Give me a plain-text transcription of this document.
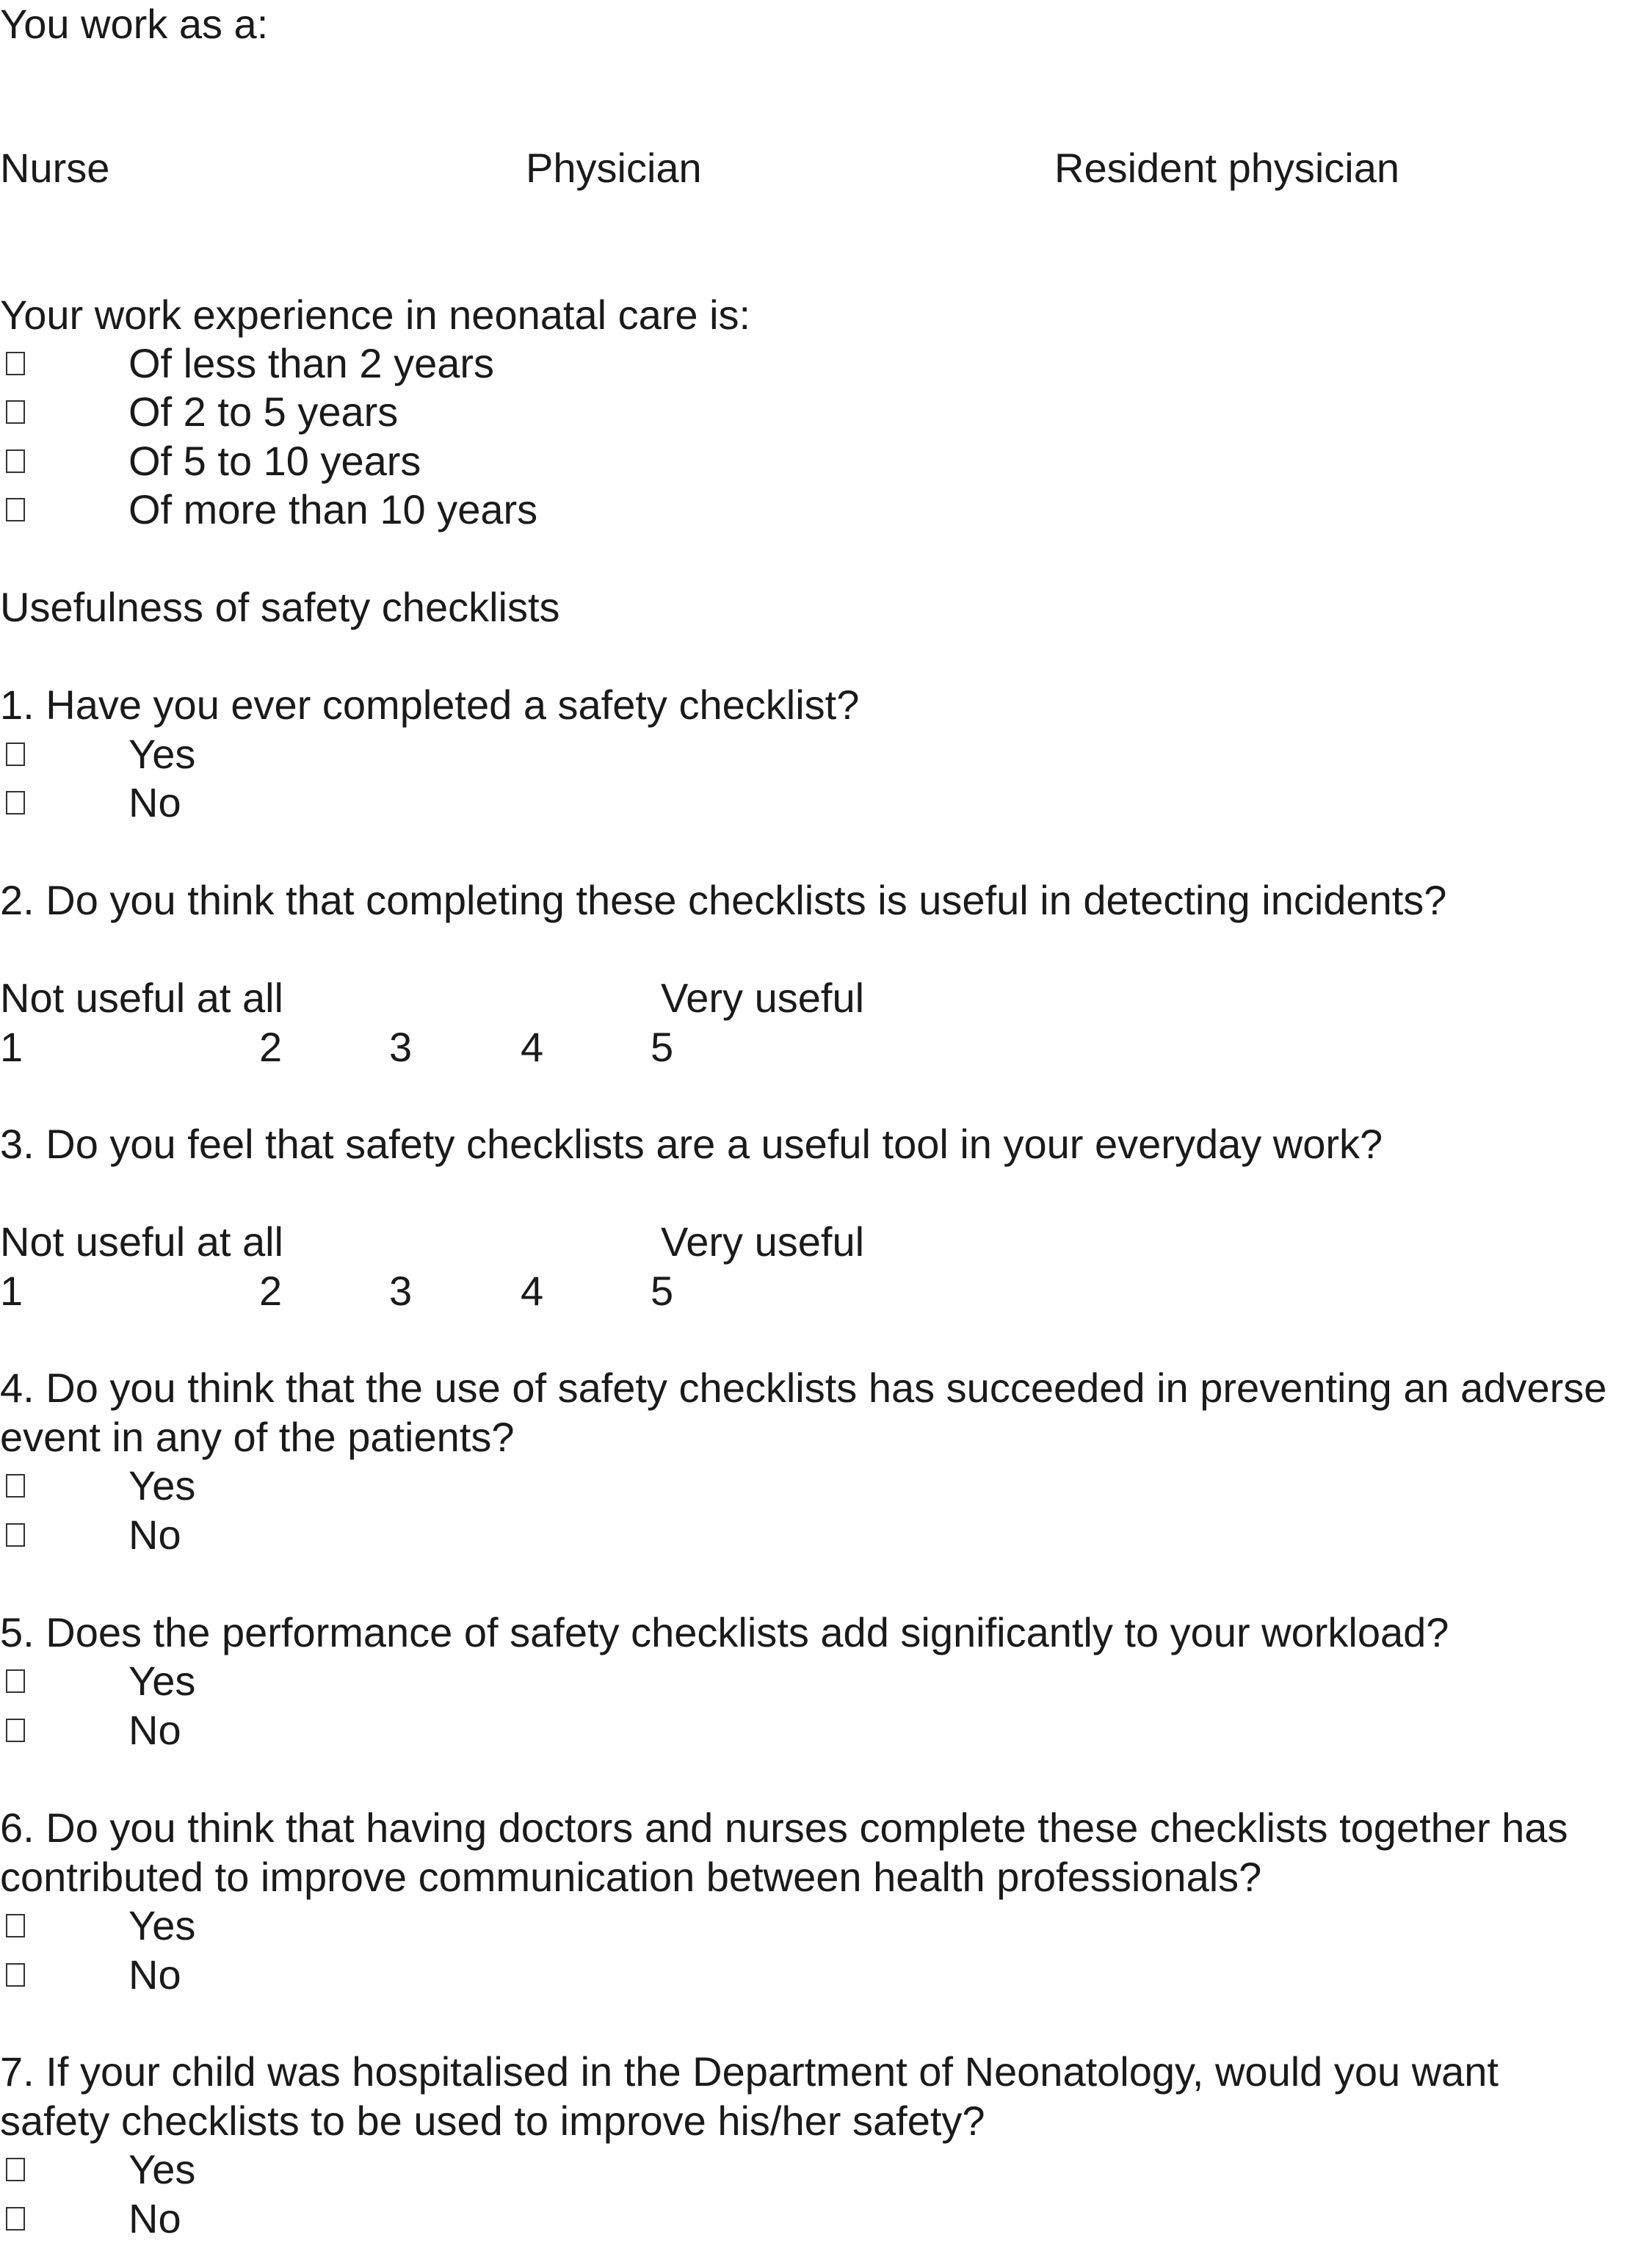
You work as a:

Nurse	Physician	Resident physician

Your work experience in neonatal care is:

Of less than 2 years

Of 2 to 5 years

Of 5 to 10 years

Of more than 10 years

Usefulness of safety checklists

1. Have you ever completed a safety checklist?

Yes

No

2. Do you think that completing these checklists is useful in detecting incidents?

Not useful at all	Very useful

1	2	3	4	5

3. Do you feel that safety checklists are a useful tool in your everyday work?

Not useful at all	Very useful

1	2	3	4	5

4. Do you think that the use of safety checklists has succeeded in preventing an adverse

event in any of the patients?

Yes

No

5. Does the performance of safety checklists add significantly to your workload?

Yes

No

6. Do you think that having doctors and nurses complete these checklists together has

contributed to improve communication between health professionals?

Yes

No

7. If your child was hospitalised in the Department of Neonatology, would you want

safety checklists to be used to improve his/her safety?

Yes

No
